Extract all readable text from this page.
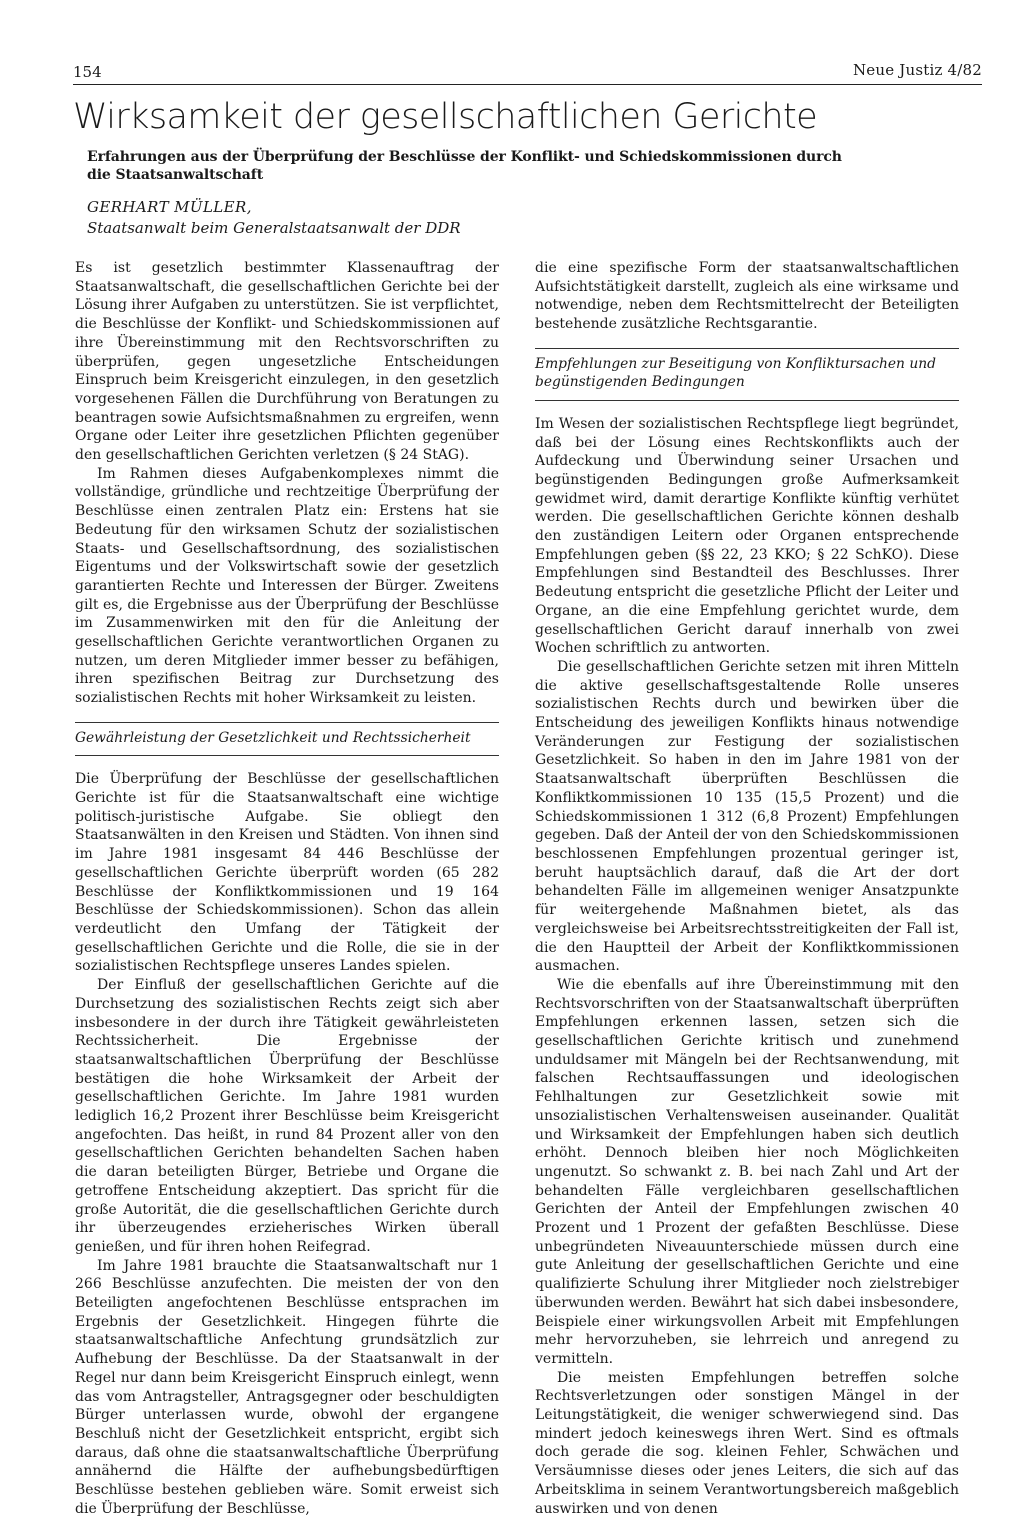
154	Neue Justiz 4/82
Wirksamkeit der gesellschaftlichen Gerichte
Erfahrungen aus der Überprüfung der Beschlüsse der Konflikt- und Schiedskommissionen durch die Staatsanwaltschaft
GERHART MÜLLER,
Staatsanwalt beim Generalstaatsanwalt der DDR

Es ist gesetzlich bestimmter Klassenauftrag der Staatsanwaltschaft, die gesellschaftlichen Gerichte bei der Lösung ihrer Aufgaben zu unterstützen. Sie ist verpflichtet, die Beschlüsse der Konflikt- und Schiedskommissionen auf ihre Übereinstimmung mit den Rechtsvorschriften zu überprüfen, gegen ungesetzliche Entscheidungen Einspruch beim Kreisgericht einzulegen, in den gesetzlich vorgesehenen Fällen die Durchführung von Beratungen zu beantragen sowie Aufsichtsmaßnahmen zu ergreifen, wenn Organe oder Leiter ihre gesetzlichen Pflichten gegenüber den gesellschaftlichen Gerichten verletzen (§ 24 StAG).

Im Rahmen dieses Aufgabenkomplexes nimmt die vollständige, gründliche und rechtzeitige Überprüfung der Beschlüsse einen zentralen Platz ein: Erstens hat sie Bedeutung für den wirksamen Schutz der sozialistischen Staats- und Gesellschaftsordnung, des sozialistischen Eigentums und der Volkswirtschaft sowie der gesetzlich garantierten Rechte und Interessen der Bürger. Zweitens gilt es, die Ergebnisse aus der Überprüfung der Beschlüsse im Zusammenwirken mit den für die Anleitung der gesellschaftlichen Gerichte verantwortlichen Organen zu nutzen, um deren Mitglieder immer besser zu befähigen, ihren spezifischen Beitrag zur Durchsetzung des sozialistischen Rechts mit hoher Wirksamkeit zu leisten.

Gewährleistung der Gesetzlichkeit und Rechtssicherheit

Die Überprüfung der Beschlüsse der gesellschaftlichen Gerichte ist für die Staatsanwaltschaft eine wichtige politisch-juristische Aufgabe. Sie obliegt den Staatsanwälten in den Kreisen und Städten. Von ihnen sind im Jahre 1981 insgesamt 84 446 Beschlüsse der gesellschaftlichen Gerichte überprüft worden (65 282 Beschlüsse der Konfliktkommissionen und 19 164 Beschlüsse der Schiedskommissionen). Schon das allein verdeutlicht den Umfang der Tätigkeit der gesellschaftlichen Gerichte und die Rolle, die sie in der sozialistischen Rechtspflege unseres Landes spielen.

Der Einfluß der gesellschaftlichen Gerichte auf die Durchsetzung des sozialistischen Rechts zeigt sich aber insbesondere in der durch ihre Tätigkeit gewährleisteten Rechtssicherheit. Die Ergebnisse der staatsanwaltschaftlichen Überprüfung der Beschlüsse bestätigen die hohe Wirksamkeit der Arbeit der gesellschaftlichen Gerichte. Im Jahre 1981 wurden lediglich 16,2 Prozent ihrer Beschlüsse beim Kreisgericht angefochten. Das heißt, in rund 84 Prozent aller von den gesellschaftlichen Gerichten behandelten Sachen haben die daran beteiligten Bürger, Betriebe und Organe die getroffene Entscheidung akzeptiert. Das spricht für die große Autorität, die die gesellschaftlichen Gerichte durch ihr überzeugendes erzieherisches Wirken überall genießen, und für ihren hohen Reifegrad.

Im Jahre 1981 brauchte die Staatsanwaltschaft nur 1 266 Beschlüsse anzufechten. Die meisten der von den Beteiligten angefochtenen Beschlüsse entsprachen im Ergebnis der Gesetzlichkeit. Hingegen führte die staatsanwaltschaftliche Anfechtung grundsätzlich zur Aufhebung der Beschlüsse. Da der Staatsanwalt in der Regel nur dann beim Kreisgericht Einspruch einlegt, wenn das vom Antragsteller, Antragsgegner oder beschuldigten Bürger unterlassen wurde, obwohl der ergangene Beschluß nicht der Gesetzlichkeit entspricht, ergibt sich daraus, daß ohne die staatsanwaltschaftliche Überprüfung annähernd die Hälfte der aufhebungsbedürftigen Beschlüsse bestehen geblieben wäre. Somit erweist sich die Überprüfung der Beschlüsse,

die eine spezifische Form der staatsanwaltschaftlichen Aufsichtstätigkeit darstellt, zugleich als eine wirksame und notwendige, neben dem Rechtsmittelrecht der Beteiligten bestehende zusätzliche Rechtsgarantie.

Empfehlungen zur Beseitigung von Konfliktursachen und begünstigenden Bedingungen

Im Wesen der sozialistischen Rechtspflege liegt begründet, daß bei der Lösung eines Rechtskonflikts auch der Aufdeckung und Überwindung seiner Ursachen und begünstigenden Bedingungen große Aufmerksamkeit gewidmet wird, damit derartige Konflikte künftig verhütet werden. Die gesellschaftlichen Gerichte können deshalb den zuständigen Leitern oder Organen entsprechende Empfehlungen geben (§§ 22, 23 KKO; § 22 SchKO). Diese Empfehlungen sind Bestandteil des Beschlusses. Ihrer Bedeutung entspricht die gesetzliche Pflicht der Leiter und Organe, an die eine Empfehlung gerichtet wurde, dem gesellschaftlichen Gericht darauf innerhalb von zwei Wochen schriftlich zu antworten.

Die gesellschaftlichen Gerichte setzen mit ihren Mitteln die aktive gesellschaftsgestaltende Rolle unseres sozialistischen Rechts durch und bewirken über die Entscheidung des jeweiligen Konflikts hinaus notwendige Veränderungen zur Festigung der sozialistischen Gesetzlichkeit. So haben in den im Jahre 1981 von der Staatsanwaltschaft überprüften Beschlüssen die Konfliktkommissionen 10 135 (15,5 Prozent) und die Schiedskommissionen 1 312 (6,8 Prozent) Empfehlungen gegeben. Daß der Anteil der von den Schiedskommissionen beschlossenen Empfehlungen prozentual geringer ist, beruht hauptsächlich darauf, daß die Art der dort behandelten Fälle im allgemeinen weniger Ansatzpunkte für weitergehende Maßnahmen bietet, als das vergleichsweise bei Arbeitsrechtsstreitigkeiten der Fall ist, die den Hauptteil der Arbeit der Konfliktkommissionen ausmachen.

Wie die ebenfalls auf ihre Übereinstimmung mit den Rechtsvorschriften von der Staatsanwaltschaft überprüften Empfehlungen erkennen lassen, setzen sich die gesellschaftlichen Gerichte kritisch und zunehmend unduldsamer mit Mängeln bei der Rechtsanwendung, mit falschen Rechtsauffassungen und ideologischen Fehlhaltungen zur Gesetzlichkeit sowie mit unsozialistischen Verhaltensweisen auseinander. Qualität und Wirksamkeit der Empfehlungen haben sich deutlich erhöht. Dennoch bleiben hier noch Möglichkeiten ungenutzt. So schwankt z. B. bei nach Zahl und Art der behandelten Fälle vergleichbaren gesellschaftlichen Gerichten der Anteil der Empfehlungen zwischen 40 Prozent und 1 Prozent der gefaßten Beschlüsse. Diese unbegründeten Niveauunterschiede müssen durch eine gute Anleitung der gesellschaftlichen Gerichte und eine qualifizierte Schulung ihrer Mitglieder noch zielstrebiger überwunden werden. Bewährt hat sich dabei insbesondere, Beispiele einer wirkungsvollen Arbeit mit Empfehlungen mehr hervorzuheben, sie lehrreich und anregend zu vermitteln.

Die meisten Empfehlungen betreffen solche Rechtsverletzungen oder sonstigen Mängel in der Leitungstätigkeit, die weniger schwerwiegend sind. Das mindert jedoch keineswegs ihren Wert. Sind es oftmals doch gerade die sog. kleinen Fehler, Schwächen und Versäumnisse dieses oder jenes Leiters, die sich auf das Arbeitsklima in seinem Verantwortungsbereich maßgeblich auswirken und von denen
